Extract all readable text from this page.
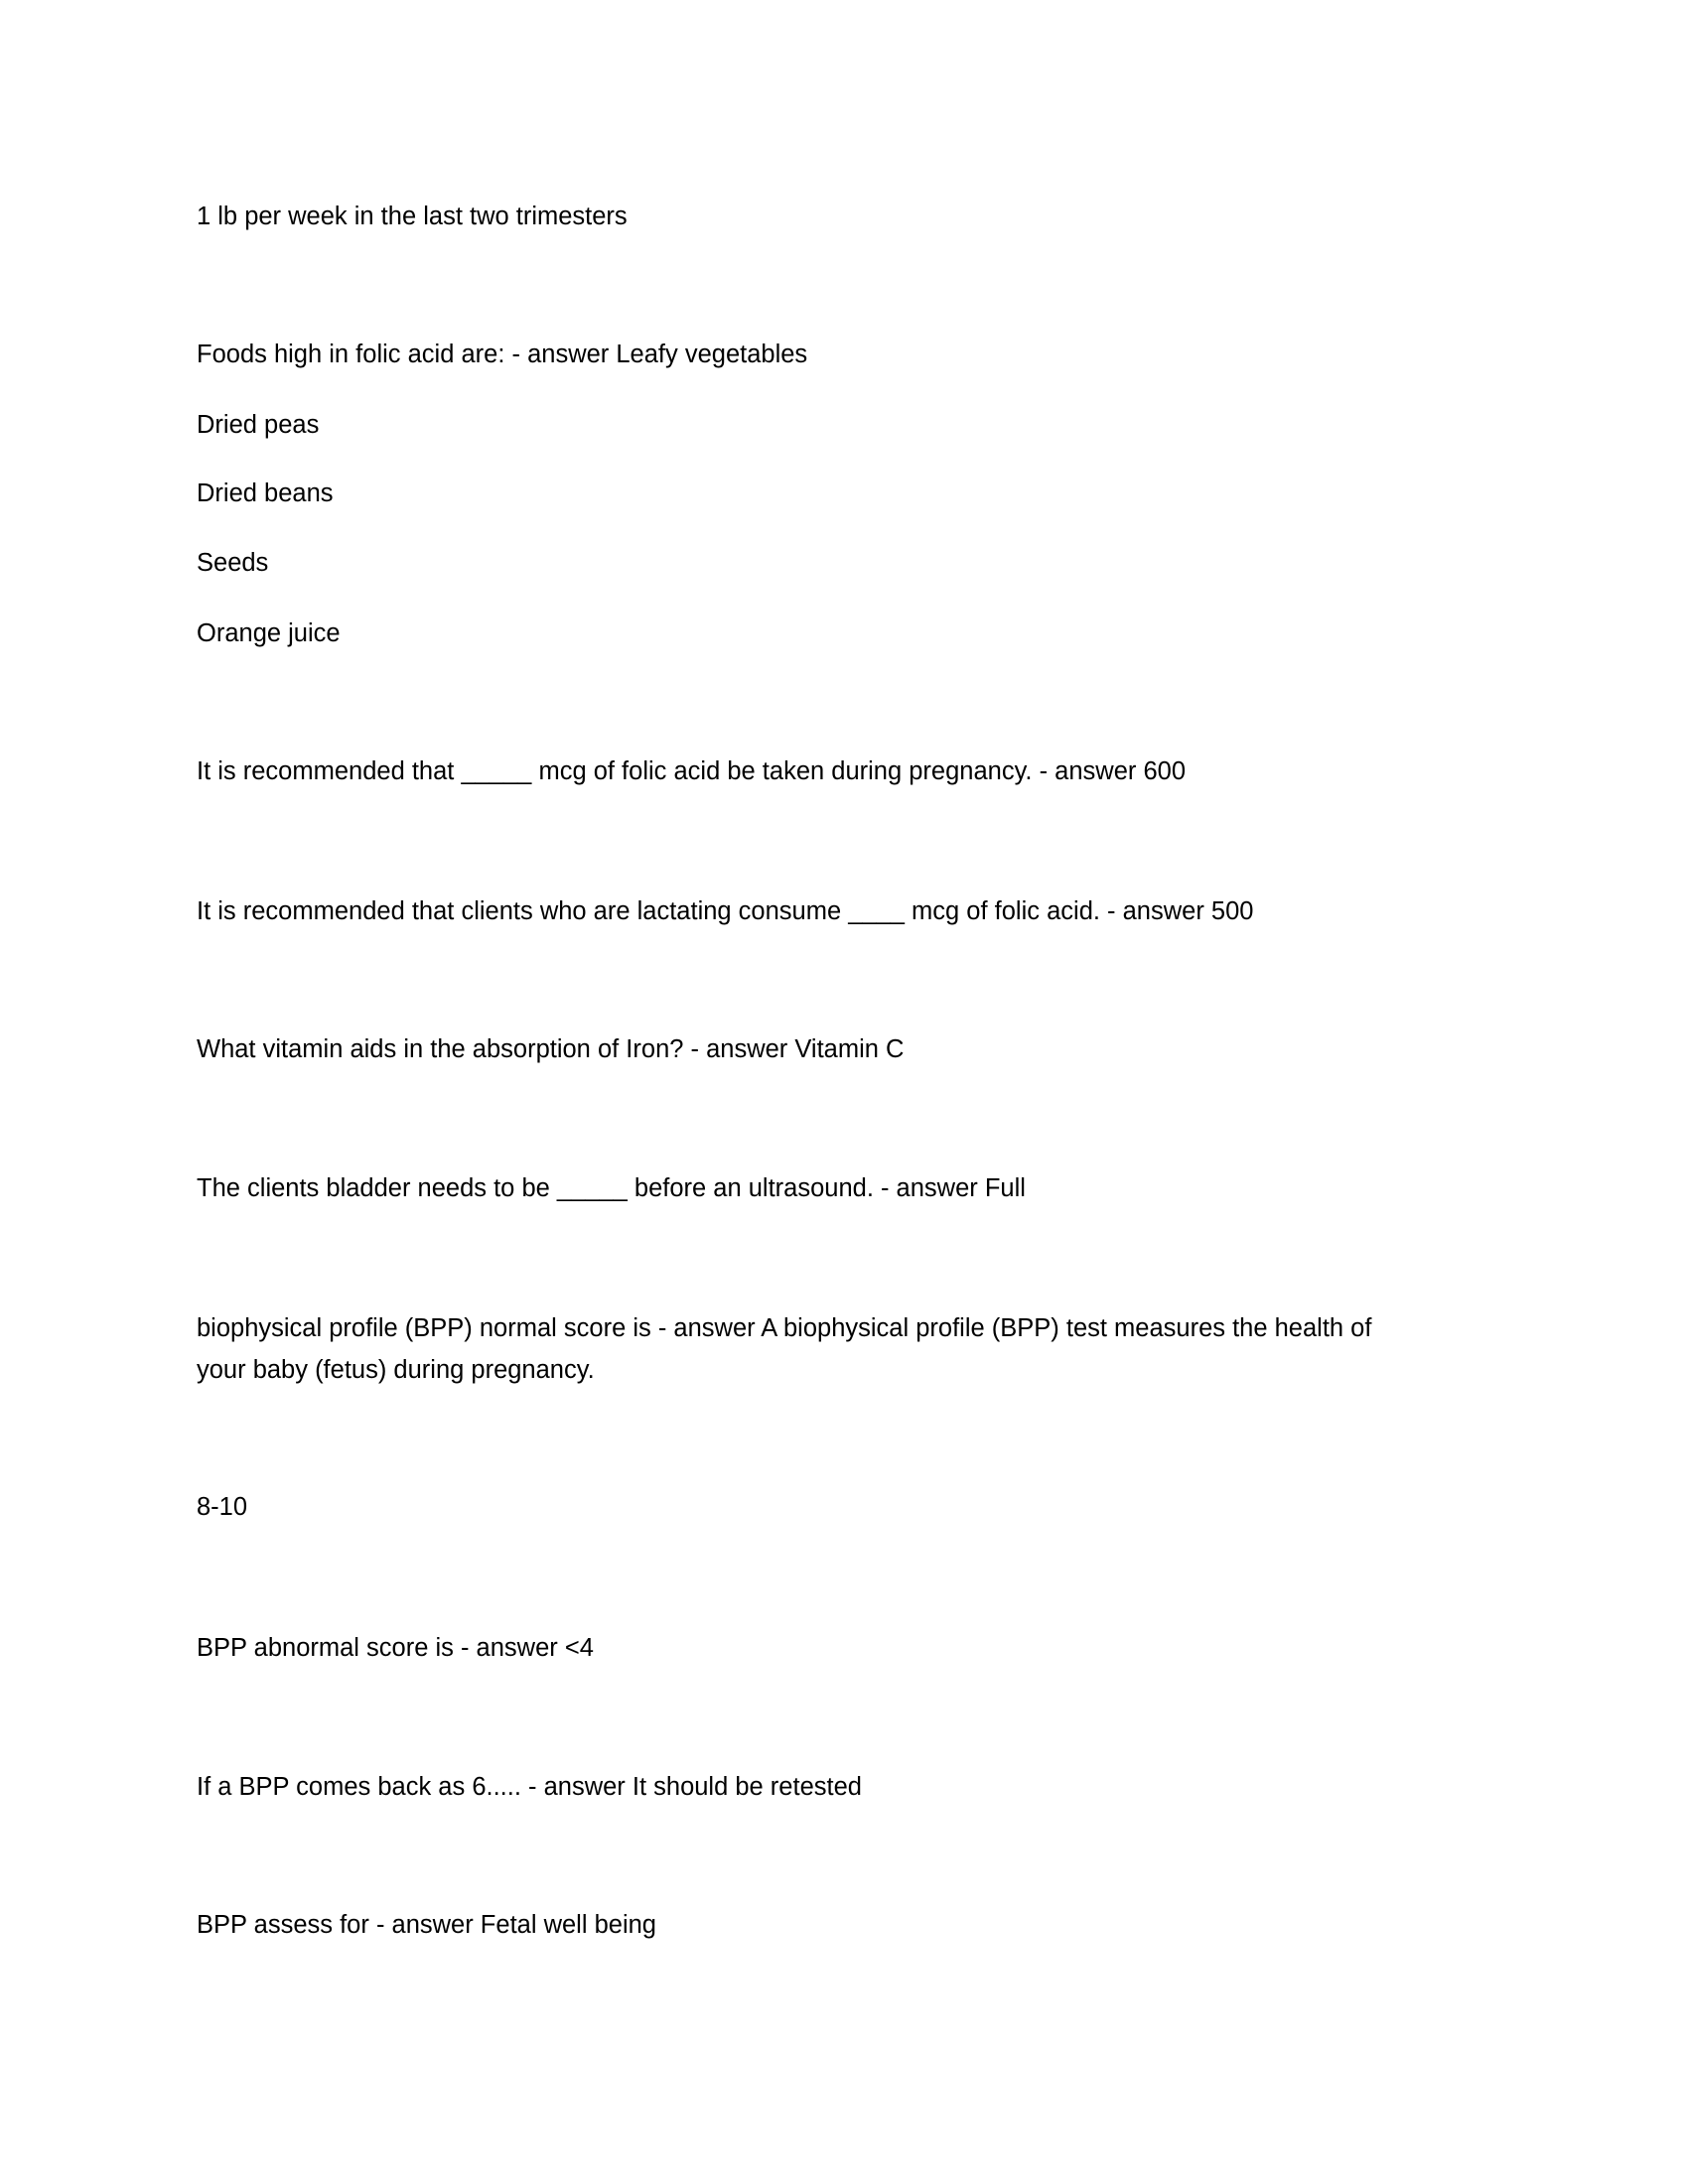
1 lb per week in the last two trimesters
Foods high in folic acid are: - answer Leafy vegetables
Dried peas
Dried beans
Seeds
Orange juice
It is recommended that _____ mcg of folic acid be taken during pregnancy. - answer 600
It is recommended that clients who are lactating consume ____ mcg of folic acid. - answer 500
What vitamin aids in the absorption of Iron? - answer Vitamin C
The clients bladder needs to be _____ before an ultrasound. - answer Full
biophysical profile (BPP) normal score is - answer A biophysical profile (BPP) test measures the health of
your baby (fetus) during pregnancy.
8-10
BPP abnormal score is - answer <4
If a BPP comes back as 6..... - answer It should be retested
BPP assess for - answer Fetal well being
